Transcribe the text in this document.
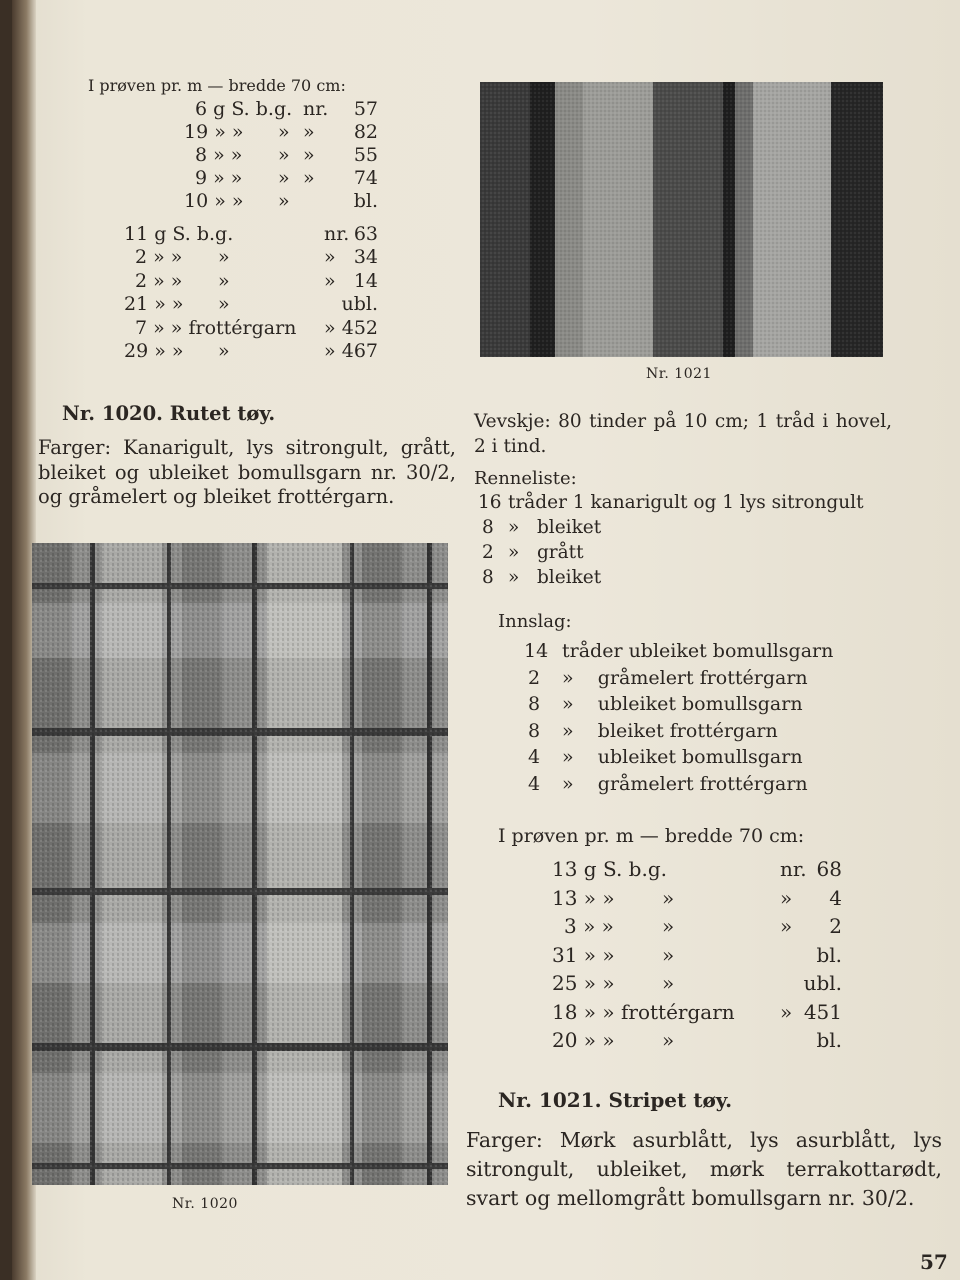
I prøven pr. m — bredde 70 cm:
6 g S. b.g. nr. 57
19 » » » » 82
8 » » » » 55
9 » » » » 74
10 » » »	bl.
11 g S. b.g.	nr. 63
2 » » »	» 34
2 » » »	» 14
21 » » »	ubl.
7 » » frottérgarn » 452
29 » » »	» 467
Nr. 1021
Nr. 1020. Rutet tøy.
Farger: Kanarigult, lys sitrongult, grått, bleiket og ubleiket bomullsgarn nr. 30/2, og gråmelert og bleiket frottérgarn.
Nr. 1020
Vevskje: 80 tinder på 10 cm; 1 tråd i hovel, 2 i tind.
Renneliste:
16 tråder 1 kanarigult og 1 lys sitrongult
8 »   bleiket
2 »   grått
8 »   bleiket
Innslag:
14 tråder ubleiket bomullsgarn
2 »    gråmelert frottérgarn
8 »    ubleiket bomullsgarn
8 »    bleiket frottérgarn
4 »    ubleiket bomullsgarn
4 »    gråmelert frottérgarn
I prøven pr. m — bredde 70 cm:
13 g S. b.g.	nr. 68
13 » » »	» 4
3 » » »	» 2
31 » » »	bl.
25 » » »	ubl.
18 » » frottérgarn » 451
20 » » »	bl.
Nr. 1021. Stripet tøy.
Farger: Mørk asurblått, lys asurblått, lys sitrongult, ubleiket, mørk terrakottarødt, svart og mellomgrått bomullsgarn nr. 30/2.
57
